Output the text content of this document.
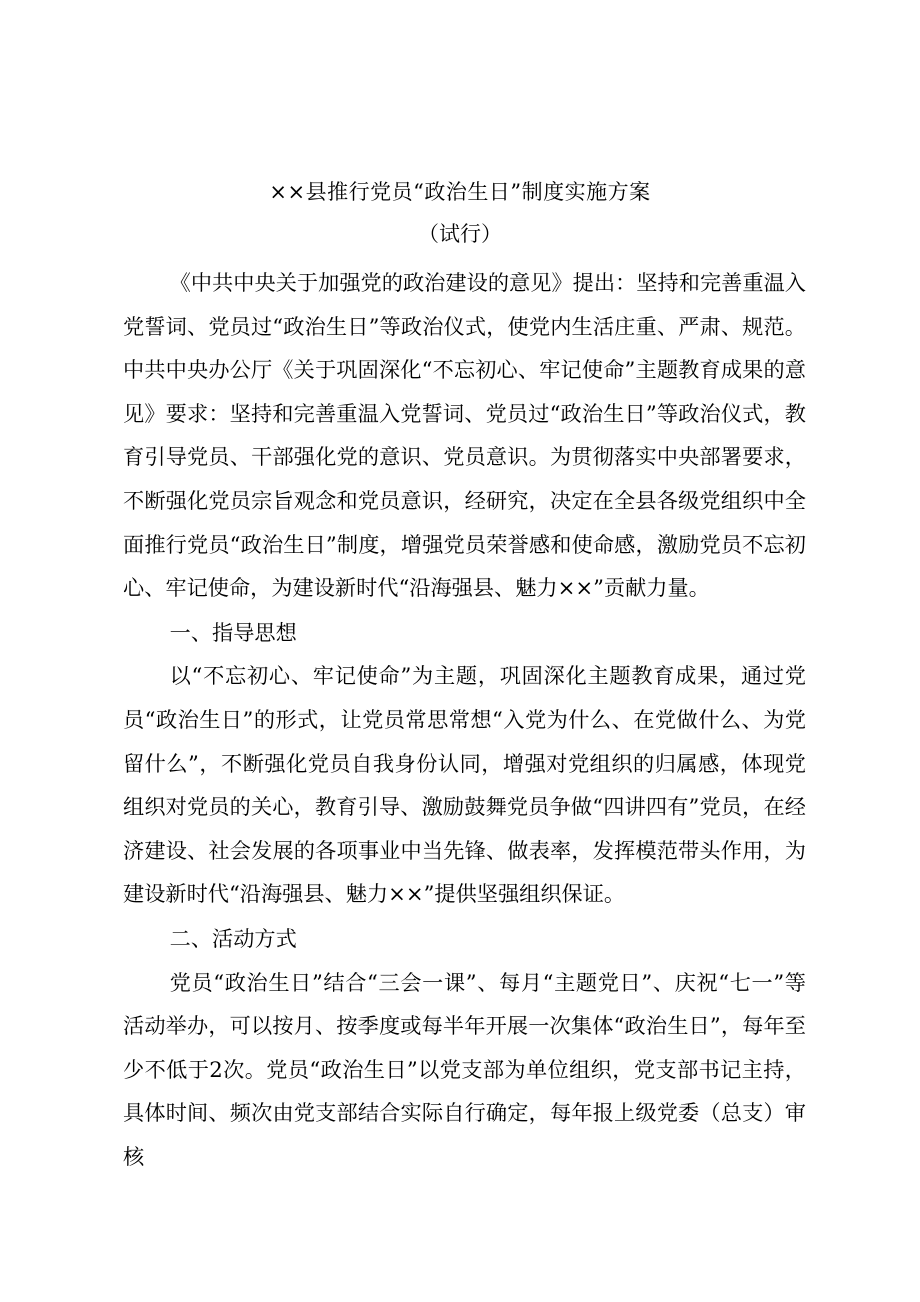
××县推行党员“政治生日”制度实施方案
（试行）

《中共中央关于加强党的政治建设的意见》提出：坚持和完善重温入党誓词、党员过“政治生日”等政治仪式，使党内生活庄重、严肃、规范。中共中央办公厅《关于巩固深化“不忘初心、牢记使命”主题教育成果的意见》要求：坚持和完善重温入党誓词、党员过“政治生日”等政治仪式，教育引导党员、干部强化党的意识、党员意识。为贯彻落实中央部署要求，不断强化党员宗旨观念和党员意识，经研究，决定在全县各级党组织中全面推行党员“政治生日”制度，增强党员荣誉感和使命感，激励党员不忘初心、牢记使命，为建设新时代“沿海强县、魅力××”贡献力量。

一、指导思想

以“不忘初心、牢记使命”为主题，巩固深化主题教育成果，通过党员“政治生日”的形式，让党员常思常想“入党为什么、在党做什么、为党留什么”，不断强化党员自我身份认同，增强对党组织的归属感，体现党组织对党员的关心，教育引导、激励鼓舞党员争做“四讲四有”党员，在经济建设、社会发展的各项事业中当先锋、做表率，发挥模范带头作用，为建设新时代“沿海强县、魅力××”提供坚强组织保证。

二、活动方式

党员“政治生日”结合“三会一课”、每月“主题党日”、庆祝“七一”等活动举办，可以按月、按季度或每半年开展一次集体“政治生日”，每年至少不低于2次。党员“政治生日”以党支部为单位组织，党支部书记主持，具体时间、频次由党支部结合实际自行确定，每年报上级党委（总支）审核
